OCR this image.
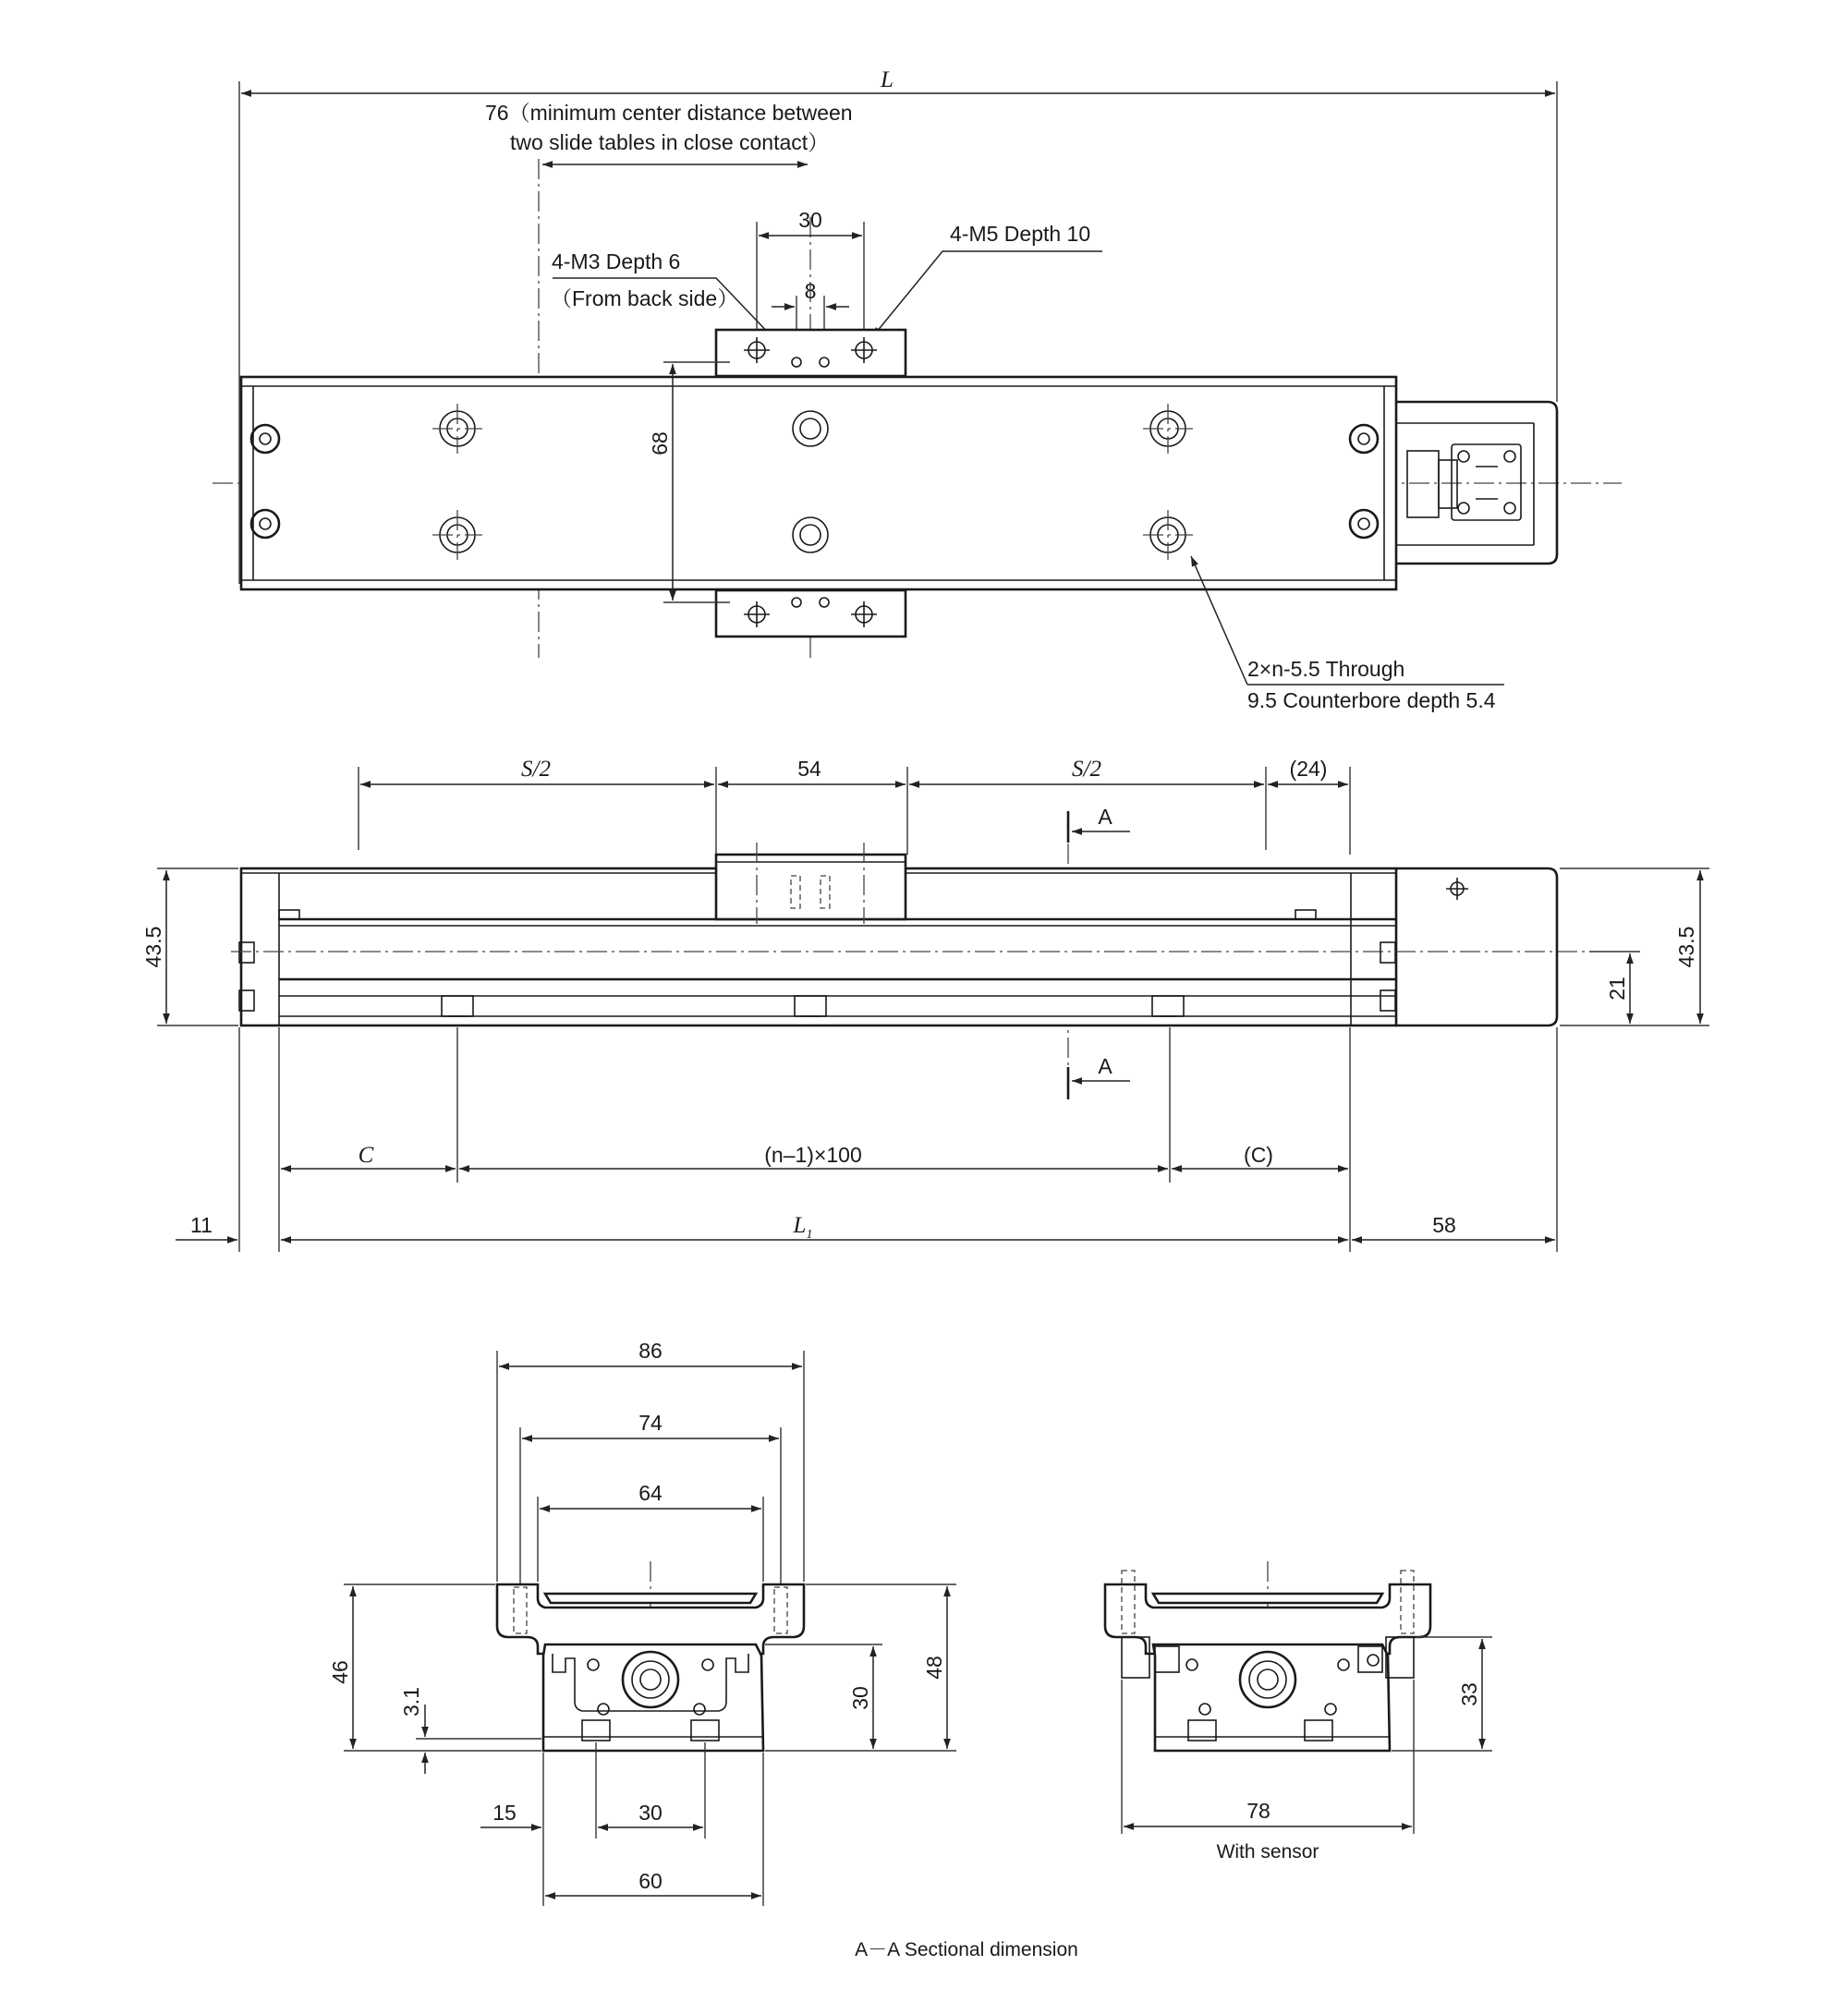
L
76（minimum center distance between
two slide tables in close contact）
30
8
4-M3 Depth 6
（From back side）
4-M5 Depth 10
68
2×n-5.5 Through
9.5 Counterbore depth 5.4
S/2	54	S/2	(24)
A
A
43.5	43.5
21
C	(n–1)×100	(C)
11	$L_1$	58
86
74
64
46
3.1	30
48
15	30
60
33
78
With sensor
A－A Sectional dimension
